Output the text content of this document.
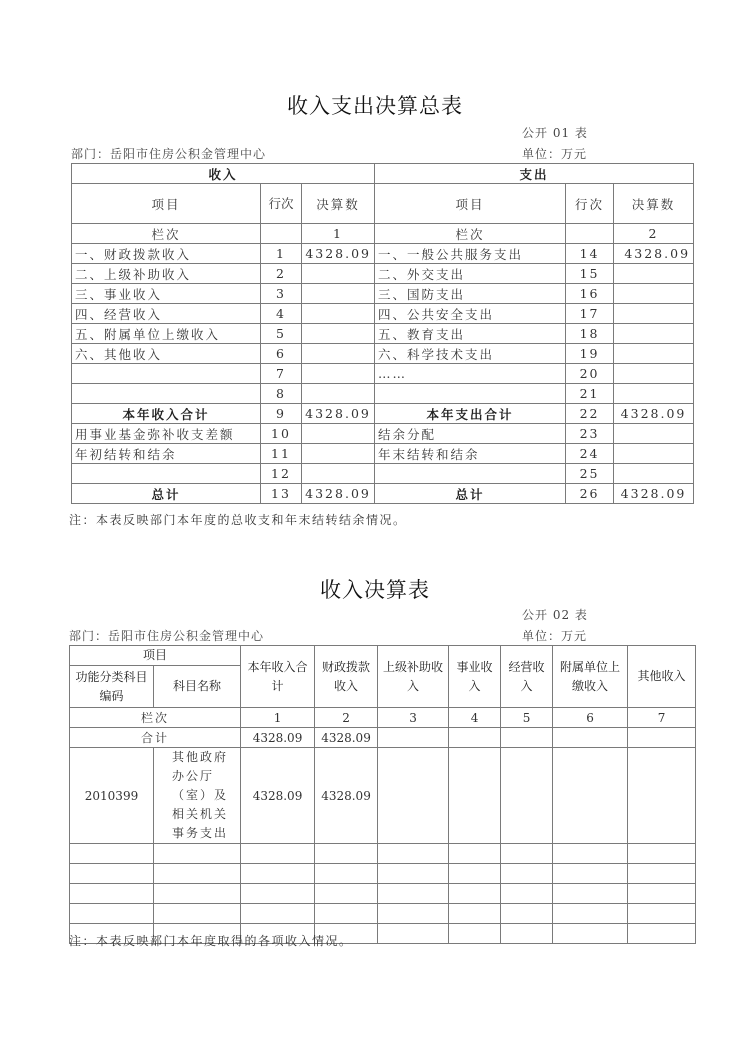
收入支出决算总表
公开 01 表
部门：岳阳市住房公积金管理中心	单位：万元
收入			支出		
项目	行次	决算数	项目	行次	决算数
栏次		1	栏次		2
一、财政拨款收入	1	4328.09	一、一般公共服务支出	14	4328.09
二、上级补助收入	2		二、外交支出	15	
三、事业收入	3		三、国防支出	16	
四、经营收入	4		四、公共安全支出	17	
五、附属单位上缴收入	5		五、教育支出	18	
六、其他收入	6		六、科学技术支出	19	
	7		……	20	
	8			21	
本年收入合计	9	4328.09	本年支出合计	22	4328.09
用事业基金弥补收支差额	10		结余分配	23	
年初结转和结余	11		年末结转和结余	24	
	12			25	
总计	13	4328.09	总计	26	4328.09
注：本表反映部门本年度的总收支和年末结转结余情况。
收入决算表
公开 02 表
部门：岳阳市住房公积金管理中心	单位：万元
项目		本年收入合计	财政拨款收入	上级补助收入	事业收入	经营收入	附属单位上缴收入	其他收入
功能分类科目编码	科目名称							
栏次		1	2	3	4	5	6	7
合计		4328.09	4328.09					
2010399	其他政府办公厅（室）及相关机关事务支出	4328.09	4328.09					

注：本表反映部门本年度取得的各项收入情况。
